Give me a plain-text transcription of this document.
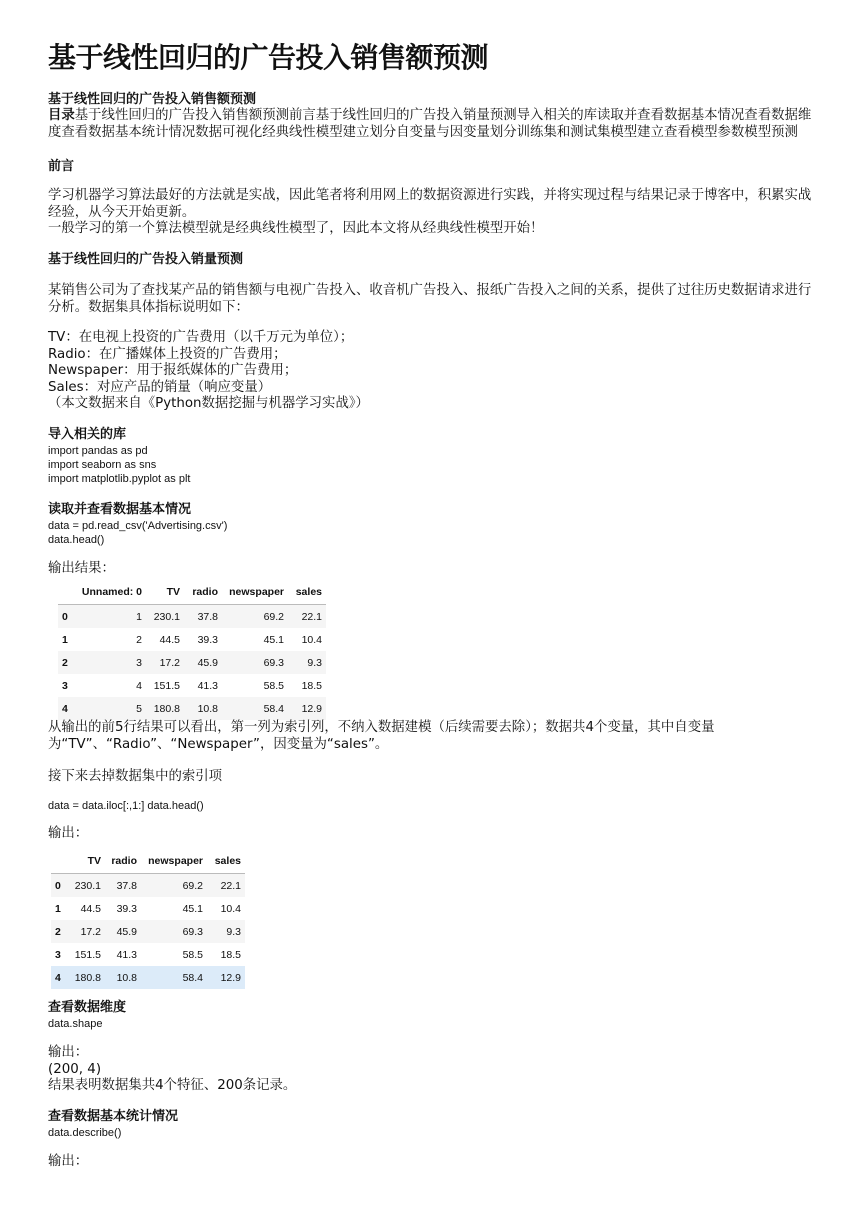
基于线性回归的广告投入销售额预测
基于线性回归的广告投入销售额预测
目录基于线性回归的广告投入销售额预测前言基于线性回归的广告投入销量预测导入相关的库读取并查看数据基本情况查看数据维度查看数据基本统计情况数据可视化经典线性模型建立划分自变量与因变量划分训练集和测试集模型建立查看模型参数模型预测
前言
学习机器学习算法最好的方法就是实战，因此笔者将利用网上的数据资源进行实践，并将实现过程与结果记录于博客中，积累实战经验，从今天开始更新。
一般学习的第一个算法模型就是经典线性模型了，因此本文将从经典线性模型开始！
基于线性回归的广告投入销量预测
某销售公司为了查找某产品的销售额与电视广告投入、收音机广告投入、报纸广告投入之间的关系，提供了过往历史数据请求进行分析。数据集具体指标说明如下：
TV：在电视上投资的广告费用（以千万元为单位）；
Radio：在广播媒体上投资的广告费用；
Newspaper：用于报纸媒体的广告费用；
Sales：对应产品的销量（响应变量）
（本文数据来自《Python数据挖掘与机器学习实战》）
导入相关的库
import pandas as pd
import seaborn as sns
import matplotlib.pyplot as plt
读取并查看数据基本情况
data = pd.read_csv('Advertising.csv')
data.head()
输出结果：
	Unnamed: 0	TV	radio	newspaper	sales
0	1	230.1	37.8	69.2	22.1
1	2	44.5	39.3	45.1	10.4
2	3	17.2	45.9	69.3	9.3
3	4	151.5	41.3	58.5	18.5
4	5	180.8	10.8	58.4	12.9
从输出的前5行结果可以看出，第一列为索引列，不纳入数据建模（后续需要去除）；数据共4个变量，其中自变量为“TV”、“Radio”、“Newspaper”，因变量为“sales”。
接下来去掉数据集中的索引项
data = data.iloc[:,1:] data.head()
输出：
	TV	radio	newspaper	sales
0	230.1	37.8	69.2	22.1
1	44.5	39.3	45.1	10.4
2	17.2	45.9	69.3	9.3
3	151.5	41.3	58.5	18.5
4	180.8	10.8	58.4	12.9
查看数据维度
data.shape
输出：
(200, 4)
结果表明数据集共4个特征、200条记录。
查看数据基本统计情况
data.describe()
输出：
